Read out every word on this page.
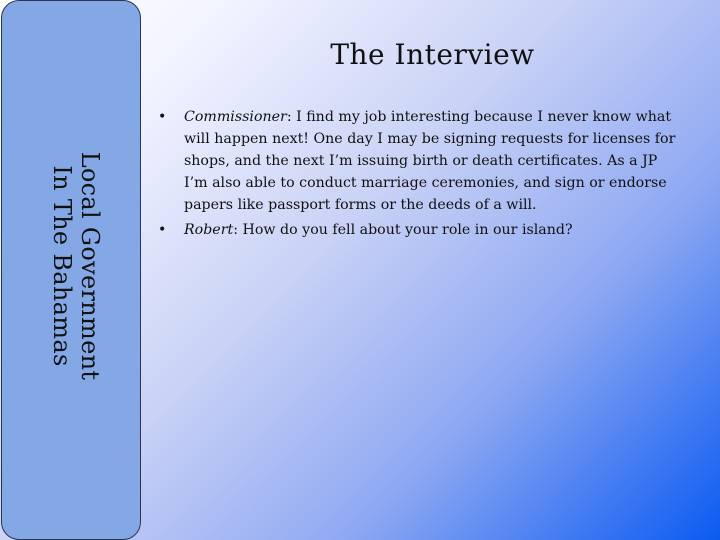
Local Government
In The Bahamas
The Interview
• Commissioner: I find my job interesting because I never know what will happen next! One day I may be signing requests for licenses for shops, and the next I’m issuing birth or death certificates. As a JP I’m also able to conduct marriage ceremonies, and sign or endorse papers like passport forms or the deeds of a will.
• Robert: How do you fell about your role in our island?
